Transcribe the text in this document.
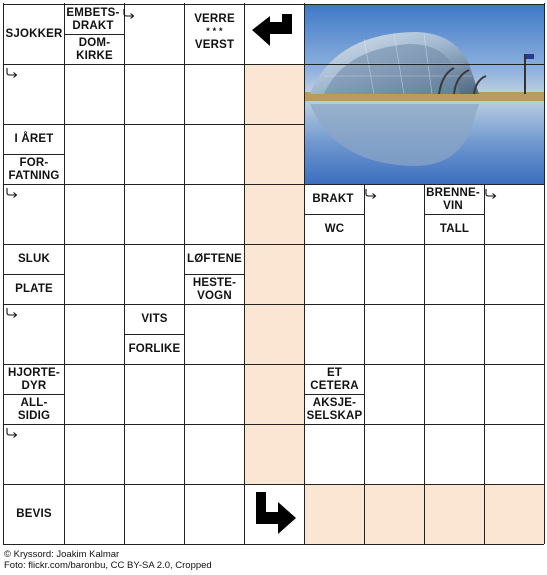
SJOKKER
EMBETS-
DRAKT
DOM-
KIRKE
VERRE
* * *
VERST
I ÅRET
FOR-
FATNING
BRAKT
WC
BRENNE-
VIN
TALL
SLUK
PLATE
LØFTENE
HESTE-
VOGN
VITS
FORLIKE
HJORTE-
DYR
ALL-
SIDIG
ET
CETERA
AKSJE-
SELSKAP
BEVIS
© Kryssord: Joakim Kalmar
Foto: flickr.com/baronbu, CC BY-SA 2.0, Cropped
